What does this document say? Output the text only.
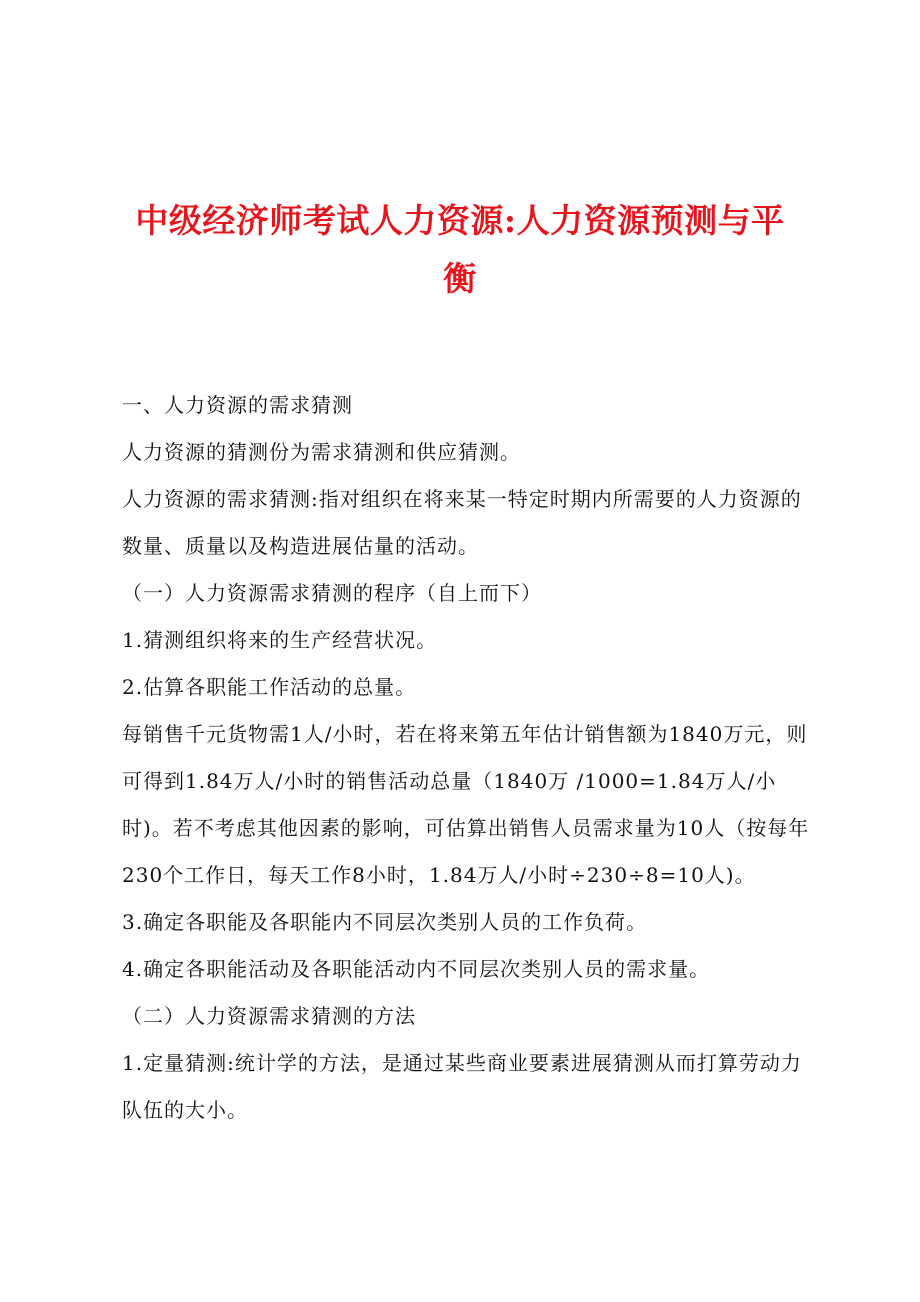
中级经济师考试人力资源:人力资源预测与平衡

一、人力资源的需求猜测

人力资源的猜测份为需求猜测和供应猜测。

人力资源的需求猜测:指对组织在将来某一特定时期内所需要的人力资源的数量、质量以及构造进展估量的活动。

（一）人力资源需求猜测的程序（自上而下）

1.猜测组织将来的生产经营状况。

2.估算各职能工作活动的总量。

每销售千元货物需1人/小时，若在将来第五年估计销售额为1840万元，则可得到1.84万人/小时的销售活动总量（1840万 /1000=1.84万人/小时)。若不考虑其他因素的影响，可估算出销售人员需求量为10人（按每年230个工作日，每天工作8小时，1.84万人/小时÷230÷8=10人)。

3.确定各职能及各职能内不同层次类别人员的工作负荷。

4.确定各职能活动及各职能活动内不同层次类别人员的需求量。

（二）人力资源需求猜测的方法

1.定量猜测:统计学的方法，是通过某些商业要素进展猜测从而打算劳动力队伍的大小。
